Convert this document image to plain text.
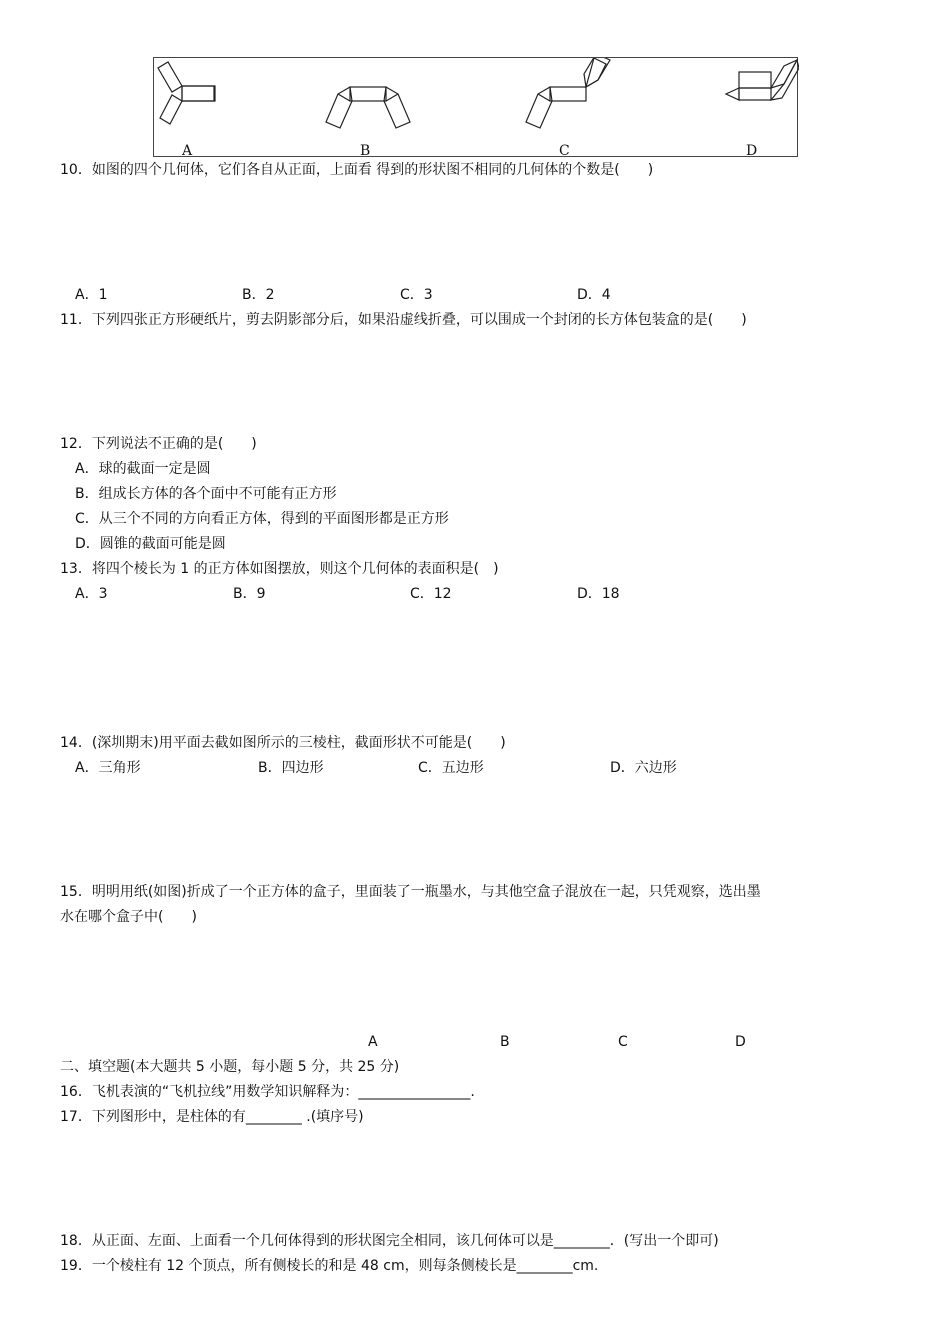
A	B	C	D
10．如图的四个几何体，它们各自从正面，上面看 得到的形状图不相同的几何体的个数是(　　)
A．1	B．2	C．3	D．4
11．下列四张正方形硬纸片，剪去阴影部分后，如果沿虚线折叠，可以围成一个封闭的长方体包装盒的是(　　)
12．下列说法不正确的是(　　)
A．球的截面一定是圆
B．组成长方体的各个面中不可能有正方形
C．从三个不同的方向看正方体，得到的平面图形都是正方形
D．圆锥的截面可能是圆
13．将四个棱长为 1 的正方体如图摆放，则这个几何体的表面积是(　)
A．3	B．9	C．12	D．18
14．(深圳期末)用平面去截如图所示的三棱柱，截面形状不可能是(　　)
A．三角形	B．四边形	C．五边形	D．六边形
15．明明用纸(如图)折成了一个正方体的盒子，里面装了一瓶墨水，与其他空盒子混放在一起，只凭观察，选出墨
水在哪个盒子中(　　)
A	B	C	D
二、填空题(本大题共 5 小题，每小题 5 分，共 25 分)
16．飞机表演的“飞机拉线”用数学知识解释为：________________.
17．下列图形中，是柱体的有________ .(填序号)
18．从正面、左面、上面看一个几何体得到的形状图完全相同，该几何体可以是________．(写出一个即可)
19．一个棱柱有 12 个顶点，所有侧棱长的和是 48 cm，则每条侧棱长是________cm.
